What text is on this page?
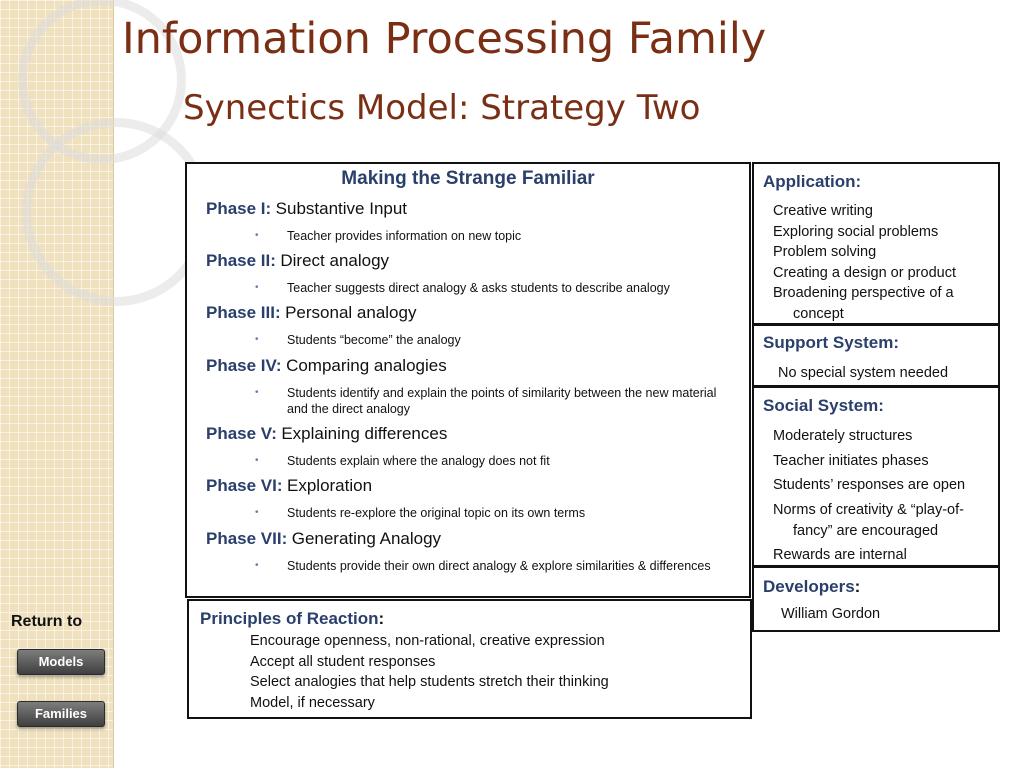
Information Processing Family
Synectics Model: Strategy Two
Making the Strange Familiar
Phase I: Substantive Input
• Teacher provides information on new topic
Phase II: Direct analogy
• Teacher suggests direct analogy & asks students to describe analogy
Phase III: Personal analogy
• Students “become” the analogy
Phase IV: Comparing analogies
• Students identify and explain the points of similarity between the new material and the direct analogy
Phase V: Explaining differences
• Students explain where the analogy does not fit
Phase VI: Exploration
• Students re-explore the original topic on its own terms
Phase VII: Generating Analogy
• Students provide their own direct analogy & explore similarities & differences
Principles of Reaction:
Encourage openness, non-rational, creative expression
Accept all student responses
Select analogies that help students stretch their thinking
Model, if necessary
Application:
Creative writing
Exploring social problems
Problem solving
Creating a design or product
Broadening perspective of a
concept
Support System:
No special system needed
Social System:
Moderately structures
Teacher initiates phases
Students’ responses are open
Norms of creativity & “play-of-
fancy” are encouraged
Rewards are internal
Developers:
William Gordon
Return to
Models
Families
